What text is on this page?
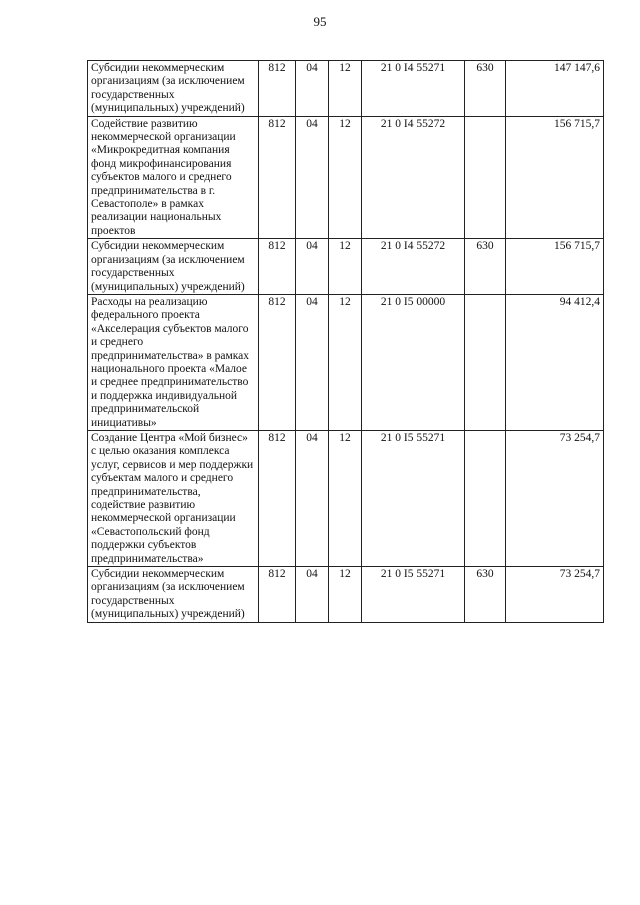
95
Субсидии некоммерческим организациям (за исключением государственных (муниципальных) учреждений)	812	04	12	21 0 I4 55271	630	147 147,6
Содействие развитию некоммерческой организации «Микрокредитная компания фонд микрофинансирования субъектов малого и среднего предпринимательства в г. Севастополе» в рамках реализации национальных проектов	812	04	12	21 0 I4 55272		156 715,7
Субсидии некоммерческим организациям (за исключением государственных (муниципальных) учреждений)	812	04	12	21 0 I4 55272	630	156 715,7
Расходы на реализацию федерального проекта «Акселерация субъектов малого и среднего предпринимательства» в рамках национального проекта «Малое и среднее предпринимательство и поддержка индивидуальной предпринимательской инициативы»	812	04	12	21 0 I5 00000		94 412,4
Создание Центра «Мой бизнес» с целью оказания комплекса услуг, сервисов и мер поддержки субъектам малого и среднего предпринимательства, содействие развитию некоммерческой организации «Севастопольский фонд поддержки субъектов предпринимательства»	812	04	12	21 0 I5 55271		73 254,7
Субсидии некоммерческим организациям (за исключением государственных (муниципальных) учреждений)	812	04	12	21 0 I5 55271	630	73 254,7
